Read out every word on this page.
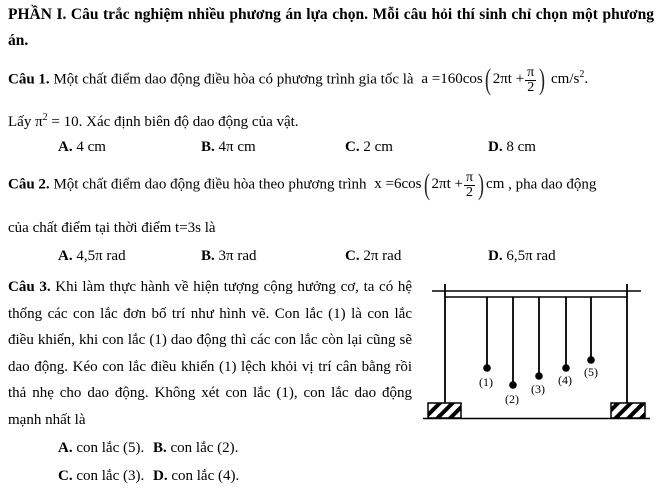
PHẦN I. Câu trắc nghiệm nhiều phương án lựa chọn. Mỗi câu hỏi thí sinh chỉ chọn một phương án.
Câu 1. Một chất điểm dao động điều hòa có phương trình gia tốc là a =160cos( $2\pi t + \frac{\pi}{2}$ ) $cm/s^2$.
Lấy $\pi^2 = 10$. Xác định biên độ dao động của vật.
A. 4 cm	B. 4π cm	C. 2 cm	D. 8 cm
Câu 2. Một chất điểm dao động điều hòa theo phương trình x =6cos( $2\pi t + \frac{\pi}{2}$ ) cm , pha dao động
của chất điểm tại thời điểm t=3s là
A. 4,5π rad	B. 3π rad	C. 2π rad	D. 6,5π rad
Câu 3. Khi làm thực hành về hiện tượng cộng hưởng cơ, ta có hệ thống các con lắc đơn bố trí như hình vẽ. Con lắc (1) là con lắc điều khiển, khi con lắc (1) dao động thì các con lắc còn lại cũng sẽ dao động. Kéo con lắc điều khiển (1) lệch khỏi vị trí cân bằng rồi thả nhẹ cho dao động. Không xét con lắc (1), con lắc dao động mạnh nhất là
A. con lắc (5). B. con lắc (2).
C. con lắc (3). D. con lắc (4).
(1)
(2)
(3)
(4)
(5)
